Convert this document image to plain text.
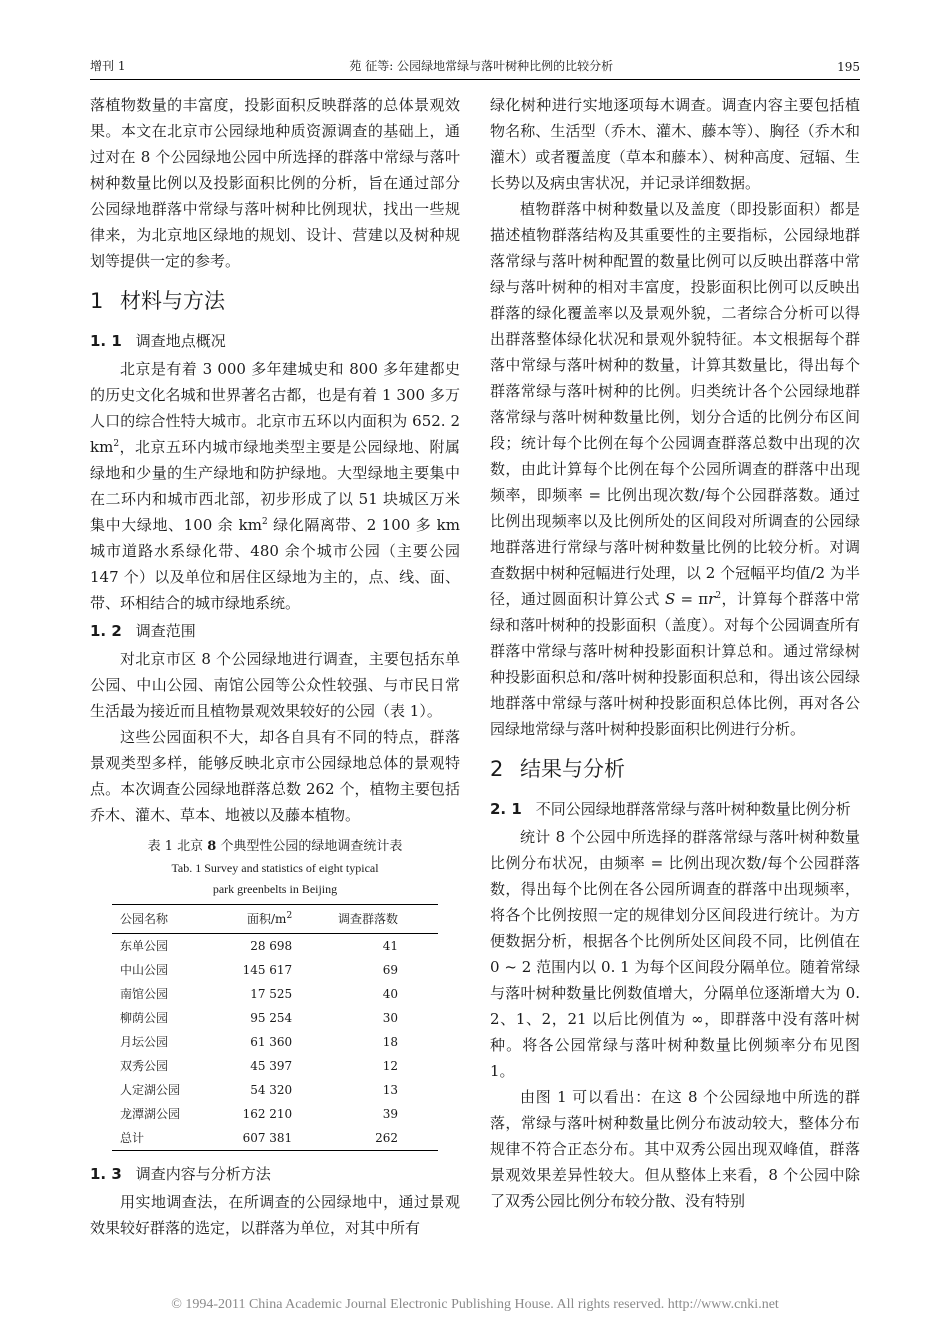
增刊 1	苑 征等: 公园绿地常绿与落叶树种比例的比较分析	195

落植物数量的丰富度，投影面积反映群落的总体景观效果。本文在北京市公园绿地种质资源调查的基础上，通过对在 8 个公园绿地公园中所选择的群落中常绿与落叶树种数量比例以及投影面积比例的分析，旨在通过部分公园绿地群落中常绿与落叶树种比例现状，找出一些规律来，为北京地区绿地的规划、设计、营建以及树种规划等提供一定的参考。

1 材料与方法
1. 1 调查地点概况

北京是有着 3 000 多年建城史和 800 多年建都史的历史文化名城和世界著名古都，也是有着 1 300 多万人口的综合性特大城市。北京市五环以内面积为 652. 2 $km^2$，北京五环内城市绿地类型主要是公园绿地、附属绿地和少量的生产绿地和防护绿地。大型绿地主要集中在二环内和城市西北部，初步形成了以 51 块城区万米集中大绿地、100 余 $km^2$ 绿化隔离带、2 100 多 km 城市道路水系绿化带、480 余个城市公园（主要公园 147 个）以及单位和居住区绿地为主的，点、线、面、带、环相结合的城市绿地系统。

1. 2 调查范围

对北京市区 8 个公园绿地进行调查，主要包括东单公园、中山公园、南馆公园等公众性较强、与市民日常生活最为接近而且植物景观效果较好的公园（表 1）。

这些公园面积不大，却各自具有不同的特点，群落景观类型多样，能够反映北京市公园绿地总体的景观特点。本次调查公园绿地群落总数 262 个，植物主要包括乔木、灌木、草本、地被以及藤本植物。

表 1 北京 8 个典型性公园的绿地调查统计表
Tab. 1 Survey and statistics of eight typical
park greenbelts in Beijing
公园名称	面积$/m^2$	调查群落数
东单公园	28 698	41
中山公园	145 617	69
南馆公园	17 525	40
柳荫公园	95 254	30
月坛公园	61 360	18
双秀公园	45 397	12
人定湖公园	54 320	13
龙潭湖公园	162 210	39
总计	607 381	262
1. 3 调查内容与分析方法

用实地调查法，在所调查的公园绿地中，通过景观效果较好群落的选定，以群落为单位，对其中所有

绿化树种进行实地逐项每木调查。调查内容主要包括植物名称、生活型（乔木、灌木、藤本等）、胸径（乔木和灌木）或者覆盖度（草本和藤本）、树种高度、冠辐、生长势以及病虫害状况，并记录详细数据。

植物群落中树种数量以及盖度（即投影面积）都是描述植物群落结构及其重要性的主要指标，公园绿地群落常绿与落叶树种配置的数量比例可以反映出群落中常绿与落叶树种的相对丰富度，投影面积比例可以反映出群落的绿化覆盖率以及景观外貌，二者综合分析可以得出群落整体绿化状况和景观外貌特征。本文根据每个群落中常绿与落叶树种的数量，计算其数量比，得出每个群落常绿与落叶树种的比例。归类统计各个公园绿地群落常绿与落叶树种数量比例，划分合适的比例分布区间段；统计每个比例在每个公园调查群落总数中出现的次数，由此计算每个比例在每个公园所调查的群落中出现频率，即频率 = 比例出现次数/每个公园群落数。通过比例出现频率以及比例所处的区间段对所调查的公园绿地群落进行常绿与落叶树种数量比例的比较分析。对调查数据中树种冠幅进行处理，以 2 个冠幅平均值/2 为半径，通过圆面积计算公式 $S = \pi r^2$，计算每个群落中常绿和落叶树种的投影面积（盖度）。对每个公园调查所有群落中常绿与落叶树种投影面积计算总和。通过常绿树种投影面积总和/落叶树种投影面积总和，得出该公园绿地群落中常绿与落叶树种投影面积总体比例，再对各公园绿地常绿与落叶树种投影面积比例进行分析。

2 结果与分析
2. 1 不同公园绿地群落常绿与落叶树种数量比例分析

统计 8 个公园中所选择的群落常绿与落叶树种数量比例分布状况，由频率 = 比例出现次数/每个公园群落数，得出每个比例在各公园所调查的群落中出现频率，将各个比例按照一定的规律划分区间段进行统计。为方便数据分析，根据各个比例所处区间段不同，比例值在 0 ~ 2 范围内以 0. 1 为每个区间段分隔单位。随着常绿与落叶树种数量比例数值增大，分隔单位逐渐增大为 0. 2、1、2，21 以后比例值为 ∞，即群落中没有落叶树种。将各公园常绿与落叶树种数量比例频率分布见图 1。

由图 1 可以看出：在这 8 个公园绿地中所选的群落，常绿与落叶树种数量比例分布波动较大，整体分布规律不符合正态分布。其中双秀公园出现双峰值，群落景观效果差异性较大。但从整体上来看，8 个公园中除了双秀公园比例分布较分散、没有特别

© 1994-2011 China Academic Journal Electronic Publishing House. All rights reserved. http://www.cnki.net
